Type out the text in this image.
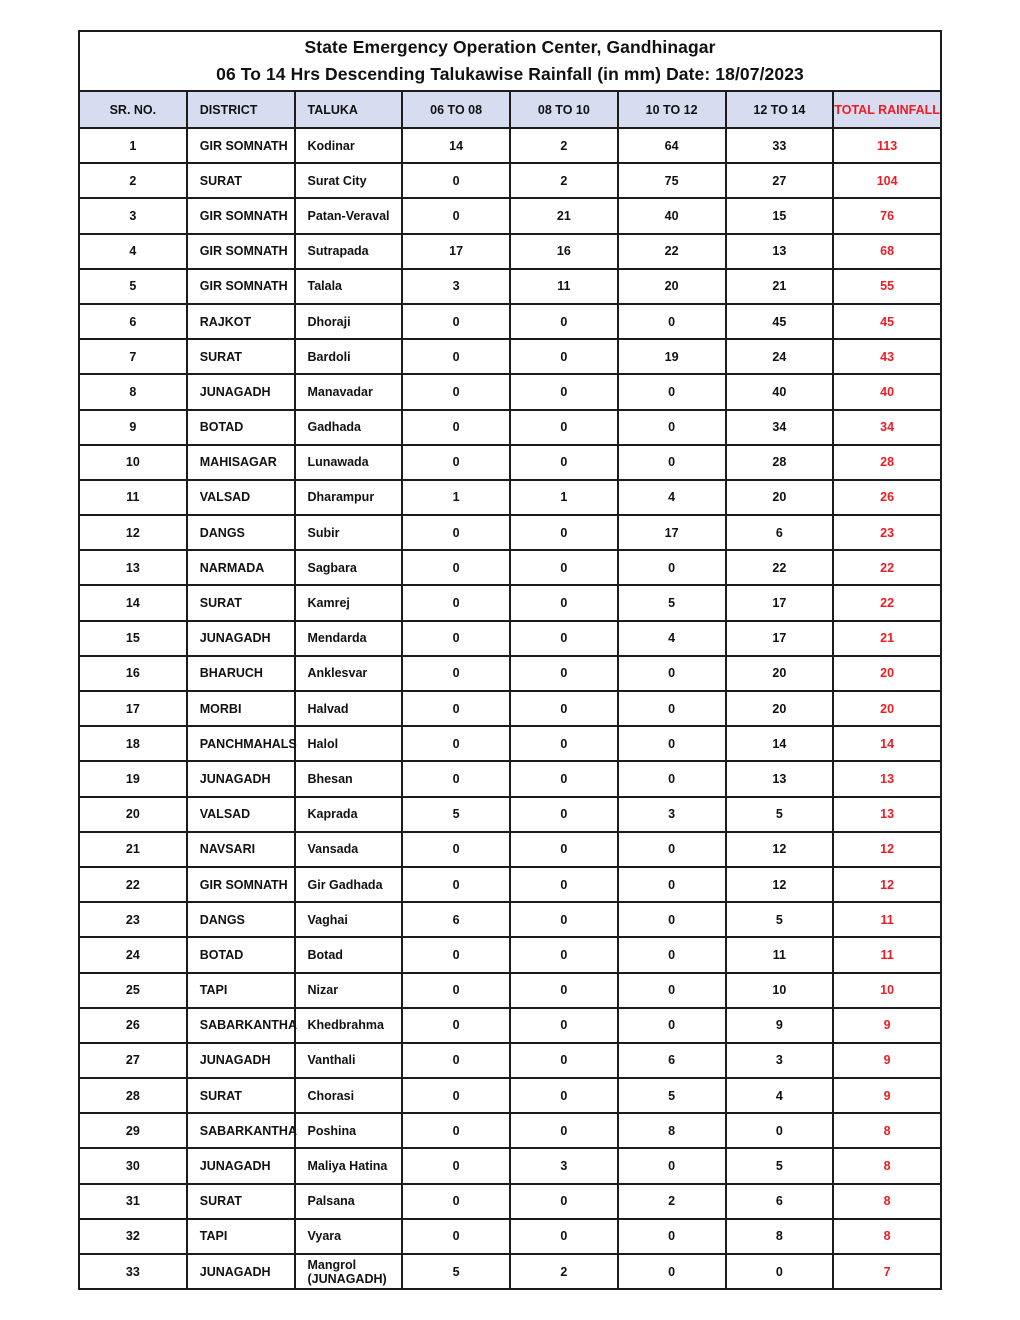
State Emergency Operation Center, Gandhinagar
06 To 14 Hrs Descending Talukawise Rainfall (in mm) Date: 18/07/2023							

SR. NO.	DISTRICT	TALUKA	06 TO 08	08 TO 10	10 TO 12	12 TO 14	TOTAL RAINFALL
1	GIR SOMNATH	Kodinar	14	2	64	33	113
2	SURAT	Surat City	0	2	75	27	104
3	GIR SOMNATH	Patan-Veraval	0	21	40	15	76
4	GIR SOMNATH	Sutrapada	17	16	22	13	68
5	GIR SOMNATH	Talala	3	11	20	21	55
6	RAJKOT	Dhoraji	0	0	0	45	45
7	SURAT	Bardoli	0	0	19	24	43
8	JUNAGADH	Manavadar	0	0	0	40	40
9	BOTAD	Gadhada	0	0	0	34	34
10	MAHISAGAR	Lunawada	0	0	0	28	28
11	VALSAD	Dharampur	1	1	4	20	26
12	DANGS	Subir	0	0	17	6	23
13	NARMADA	Sagbara	0	0	0	22	22
14	SURAT	Kamrej	0	0	5	17	22
15	JUNAGADH	Mendarda	0	0	4	17	21
16	BHARUCH	Anklesvar	0	0	0	20	20
17	MORBI	Halvad	0	0	0	20	20
18	PANCHMAHALS	Halol	0	0	0	14	14
19	JUNAGADH	Bhesan	0	0	0	13	13
20	VALSAD	Kaprada	5	0	3	5	13
21	NAVSARI	Vansada	0	0	0	12	12
22	GIR SOMNATH	Gir Gadhada	0	0	0	12	12
23	DANGS	Vaghai	6	0	0	5	11
24	BOTAD	Botad	0	0	0	11	11
25	TAPI	Nizar	0	0	0	10	10
26	SABARKANTHA	Khedbrahma	0	0	0	9	9
27	JUNAGADH	Vanthali	0	0	6	3	9
28	SURAT	Chorasi	0	0	5	4	9
29	SABARKANTHA	Poshina	0	0	8	0	8
30	JUNAGADH	Maliya Hatina	0	3	0	5	8
31	SURAT	Palsana	0	0	2	6	8
32	TAPI	Vyara	0	0	0	8	8
33	JUNAGADH	Mangrol (JUNAGADH)	5	2	0	0	7
